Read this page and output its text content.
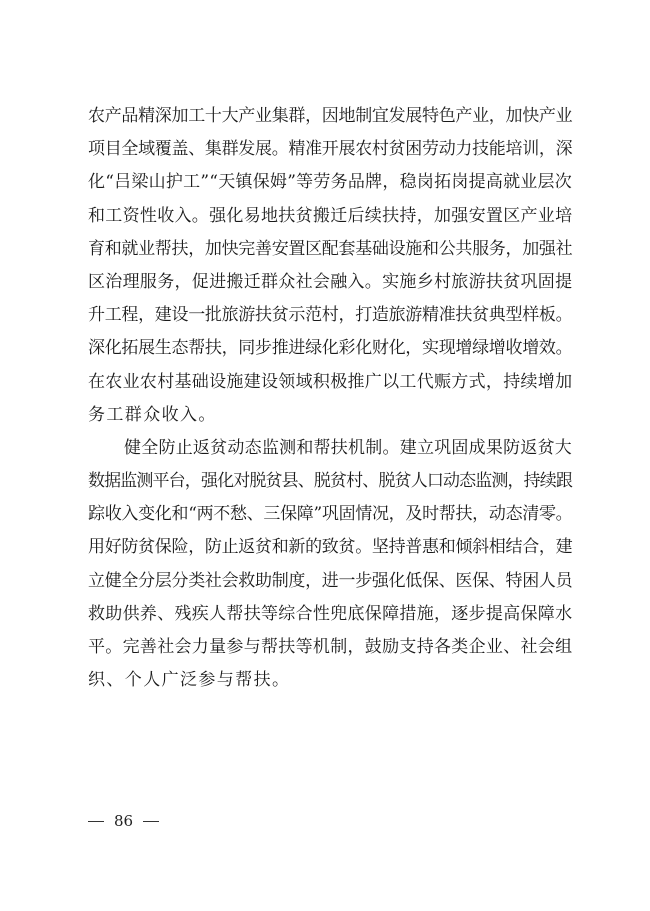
农产品精深加工十大产业集群，因地制宜发展特色产业，加快产业
项目全域覆盖、集群发展。精准开展农村贫困劳动力技能培训，深
化“吕梁山护工”“天镇保姆”等劳务品牌，稳岗拓岗提高就业层次
和工资性收入。强化易地扶贫搬迁后续扶持，加强安置区产业培
育和就业帮扶，加快完善安置区配套基础设施和公共服务，加强社
区治理服务，促进搬迁群众社会融入。实施乡村旅游扶贫巩固提
升工程，建设一批旅游扶贫示范村，打造旅游精准扶贫典型样板。
深化拓展生态帮扶，同步推进绿化彩化财化，实现增绿增收增效。
在农业农村基础设施建设领域积极推广以工代赈方式，持续增加
务工群众收入。
健全防止返贫动态监测和帮扶机制。建立巩固成果防返贫大
数据监测平台，强化对脱贫县、脱贫村、脱贫人口动态监测，持续跟
踪收入变化和“两不愁、三保障”巩固情况，及时帮扶，动态清零。
用好防贫保险，防止返贫和新的致贫。坚持普惠和倾斜相结合，建
立健全分层分类社会救助制度，进一步强化低保、医保、特困人员
救助供养、残疾人帮扶等综合性兜底保障措施，逐步提高保障水
平。完善社会力量参与帮扶等机制，鼓励支持各类企业、社会组
织、个人广泛参与帮扶。
86
